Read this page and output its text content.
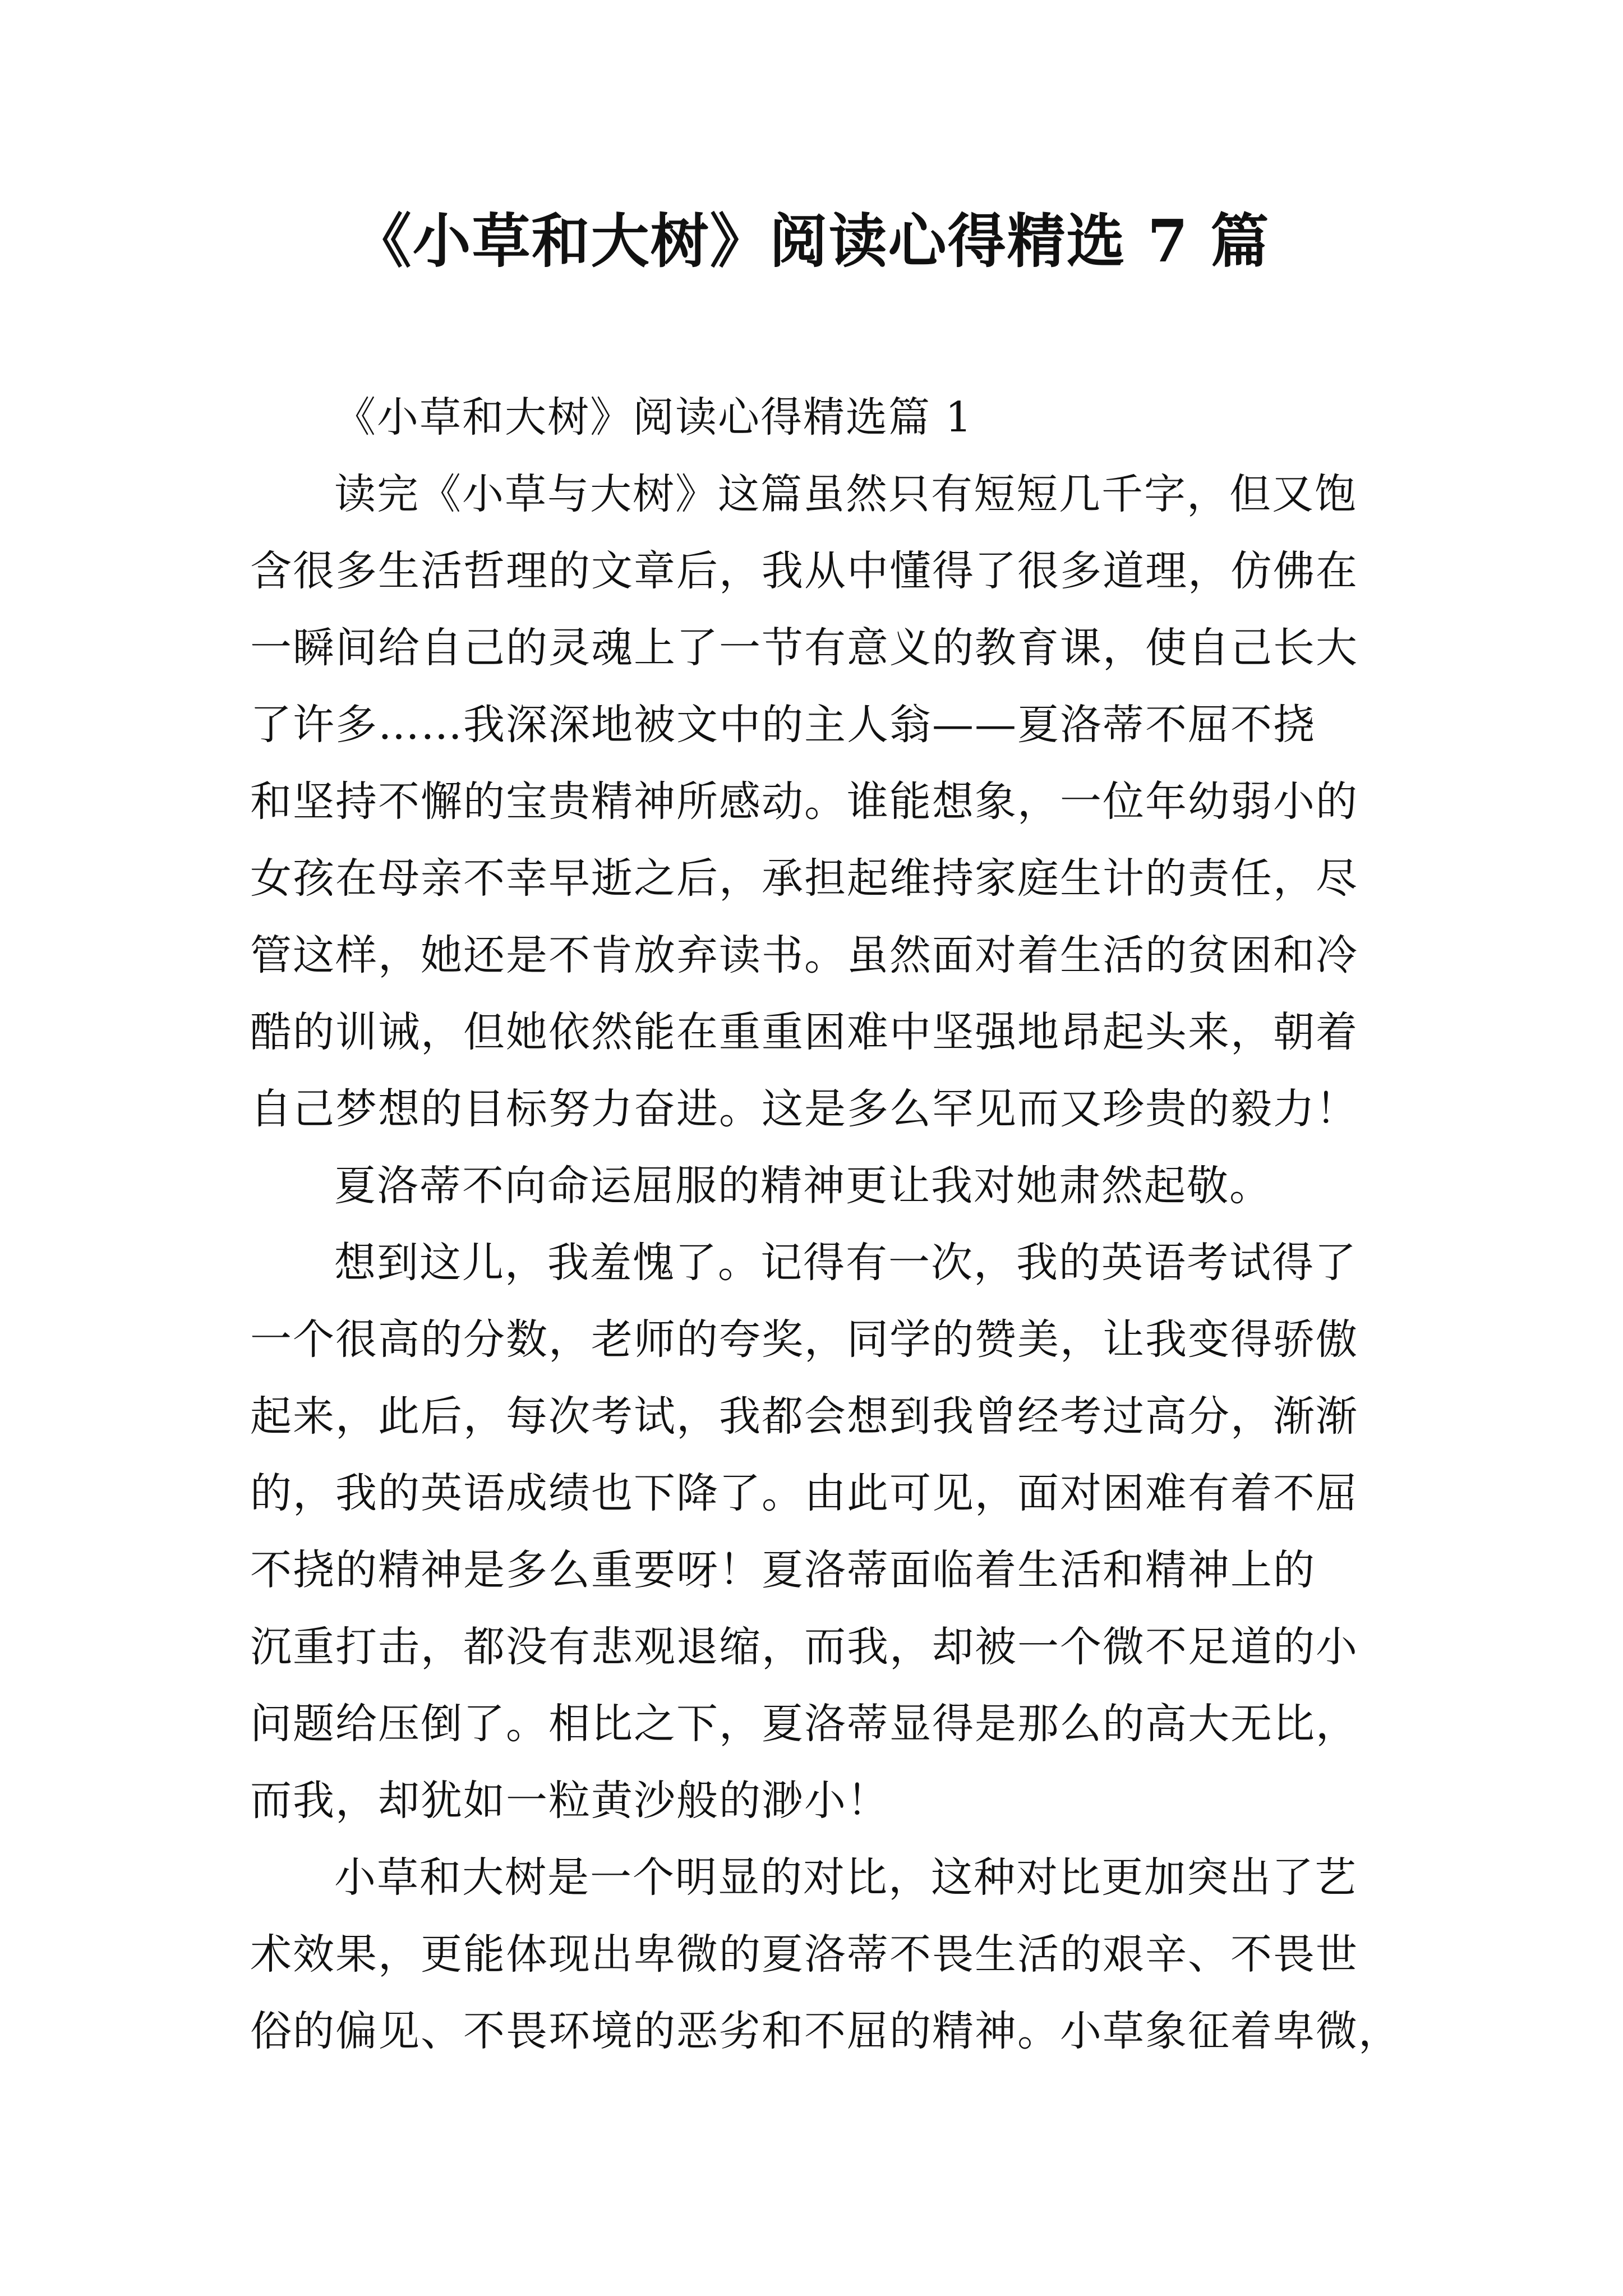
《小草和大树》阅读心得精选 7 篇
《小草和大树》阅读心得精选篇 1
读完《小草与大树》这篇虽然只有短短几千字，但又饱
含很多生活哲理的文章后，我从中懂得了很多道理，仿佛在
一瞬间给自己的灵魂上了一节有意义的教育课，使自己长大
了许多……我深深地被文中的主人翁——夏洛蒂不屈不挠
和坚持不懈的宝贵精神所感动。谁能想象，一位年幼弱小的
女孩在母亲不幸早逝之后，承担起维持家庭生计的责任，尽
管这样，她还是不肯放弃读书。虽然面对着生活的贫困和冷
酷的训诫，但她依然能在重重困难中坚强地昂起头来，朝着
自己梦想的目标努力奋进。这是多么罕见而又珍贵的毅力！
夏洛蒂不向命运屈服的精神更让我对她肃然起敬。
想到这儿，我羞愧了。记得有一次，我的英语考试得了
一个很高的分数，老师的夸奖，同学的赞美，让我变得骄傲
起来，此后，每次考试，我都会想到我曾经考过高分，渐渐
的，我的英语成绩也下降了。由此可见，面对困难有着不屈
不挠的精神是多么重要呀！夏洛蒂面临着生活和精神上的
沉重打击，都没有悲观退缩，而我，却被一个微不足道的小
问题给压倒了。相比之下，夏洛蒂显得是那么的高大无比，
而我，却犹如一粒黄沙般的渺小！
小草和大树是一个明显的对比，这种对比更加突出了艺
术效果，更能体现出卑微的夏洛蒂不畏生活的艰辛、不畏世
俗的偏见、不畏环境的恶劣和不屈的精神。小草象征着卑微，
